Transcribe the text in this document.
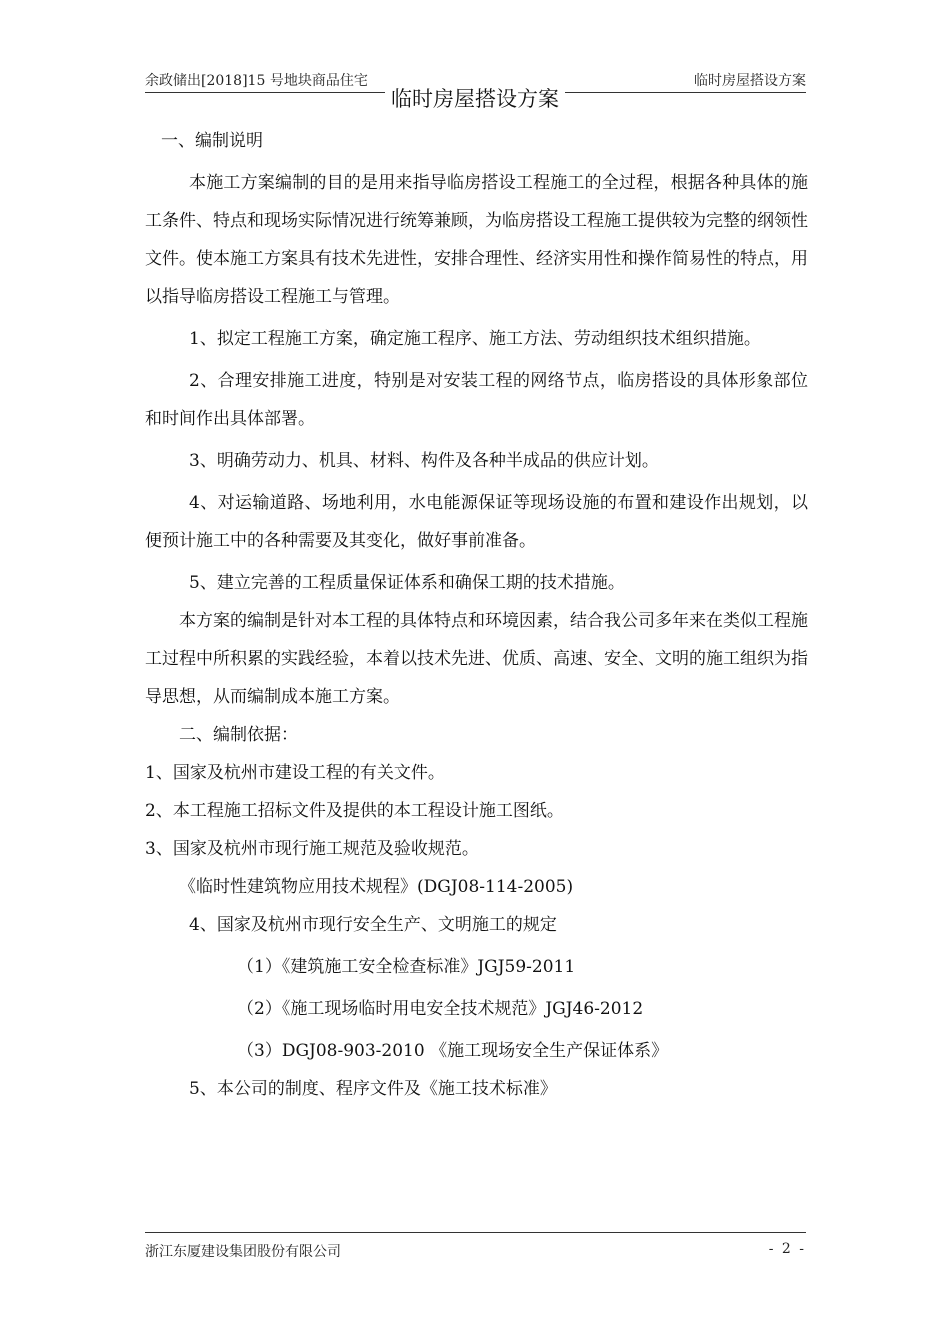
余政储出[2018]15 号地块商品住宅	临时房屋搭设方案
临时房屋搭设方案

一、编制说明

本施工方案编制的目的是用来指导临房搭设工程施工的全过程，根据各种具体的施工条件、特点和现场实际情况进行统筹兼顾，为临房搭设工程施工提供较为完整的纲领性文件。使本施工方案具有技术先进性，安排合理性、经济实用性和操作简易性的特点，用以指导临房搭设工程施工与管理。

1、拟定工程施工方案，确定施工程序、施工方法、劳动组织技术组织措施。

2、合理安排施工进度，特别是对安装工程的网络节点，临房搭设的具体形象部位和时间作出具体部署。

3、明确劳动力、机具、材料、构件及各种半成品的供应计划。

4、对运输道路、场地利用，水电能源保证等现场设施的布置和建设作出规划，以便预计施工中的各种需要及其变化，做好事前准备。

5、建立完善的工程质量保证体系和确保工期的技术措施。

本方案的编制是针对本工程的具体特点和环境因素，结合我公司多年来在类似工程施工过程中所积累的实践经验，本着以技术先进、优质、高速、安全、文明的施工组织为指导思想，从而编制成本施工方案。

二、编制依据：

1、国家及杭州市建设工程的有关文件。

2、本工程施工招标文件及提供的本工程设计施工图纸。

3、国家及杭州市现行施工规范及验收规范。

《临时性建筑物应用技术规程》(DGJ08-114-2005)

4、国家及杭州市现行安全生产、文明施工的规定

（1）《建筑施工安全检查标准》JGJ59-2011

（2）《施工现场临时用电安全技术规范》JGJ46-2012

（3）DGJ08-903-2010 《施工现场安全生产保证体系》

5、本公司的制度、程序文件及《施工技术标准》

浙江东厦建设集团股份有限公司	- 2 -
